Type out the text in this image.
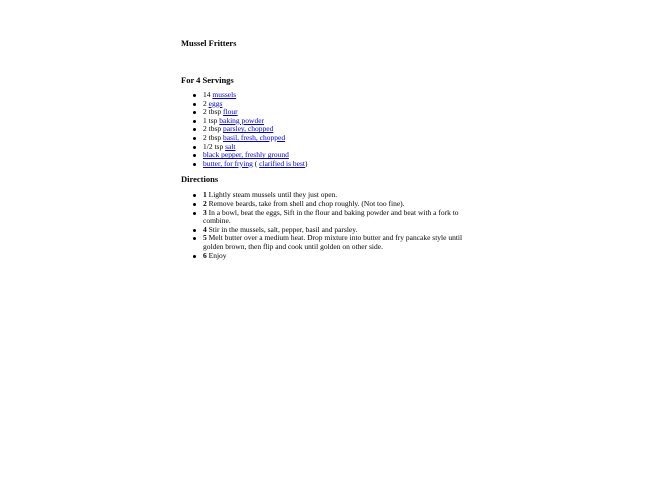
Mussel Fritters
For 4 Servings
14 mussels
2 eggs
2 tbsp flour
1 tsp baking powder
2 tbsp parsley, chopped
2 tbsp basil, fresh, chopped
1/2 tsp salt
black pepper, freshly ground
butter, for frying ( clarified is best)
Directions
1 Lightly steam mussels until they just open.
2 Remove beards, take from shell and chop roughly. (Not too fine).
3 In a bowl, beat the eggs, Sift in the flour and baking powder and beat with a fork to combine.
4 Stir in the mussels, salt, pepper, basil and parsley.
5 Melt butter over a medium heat. Drop mixture into butter and fry pancake style until golden brown, then flip and cook until golden on other side.
6 Enjoy
